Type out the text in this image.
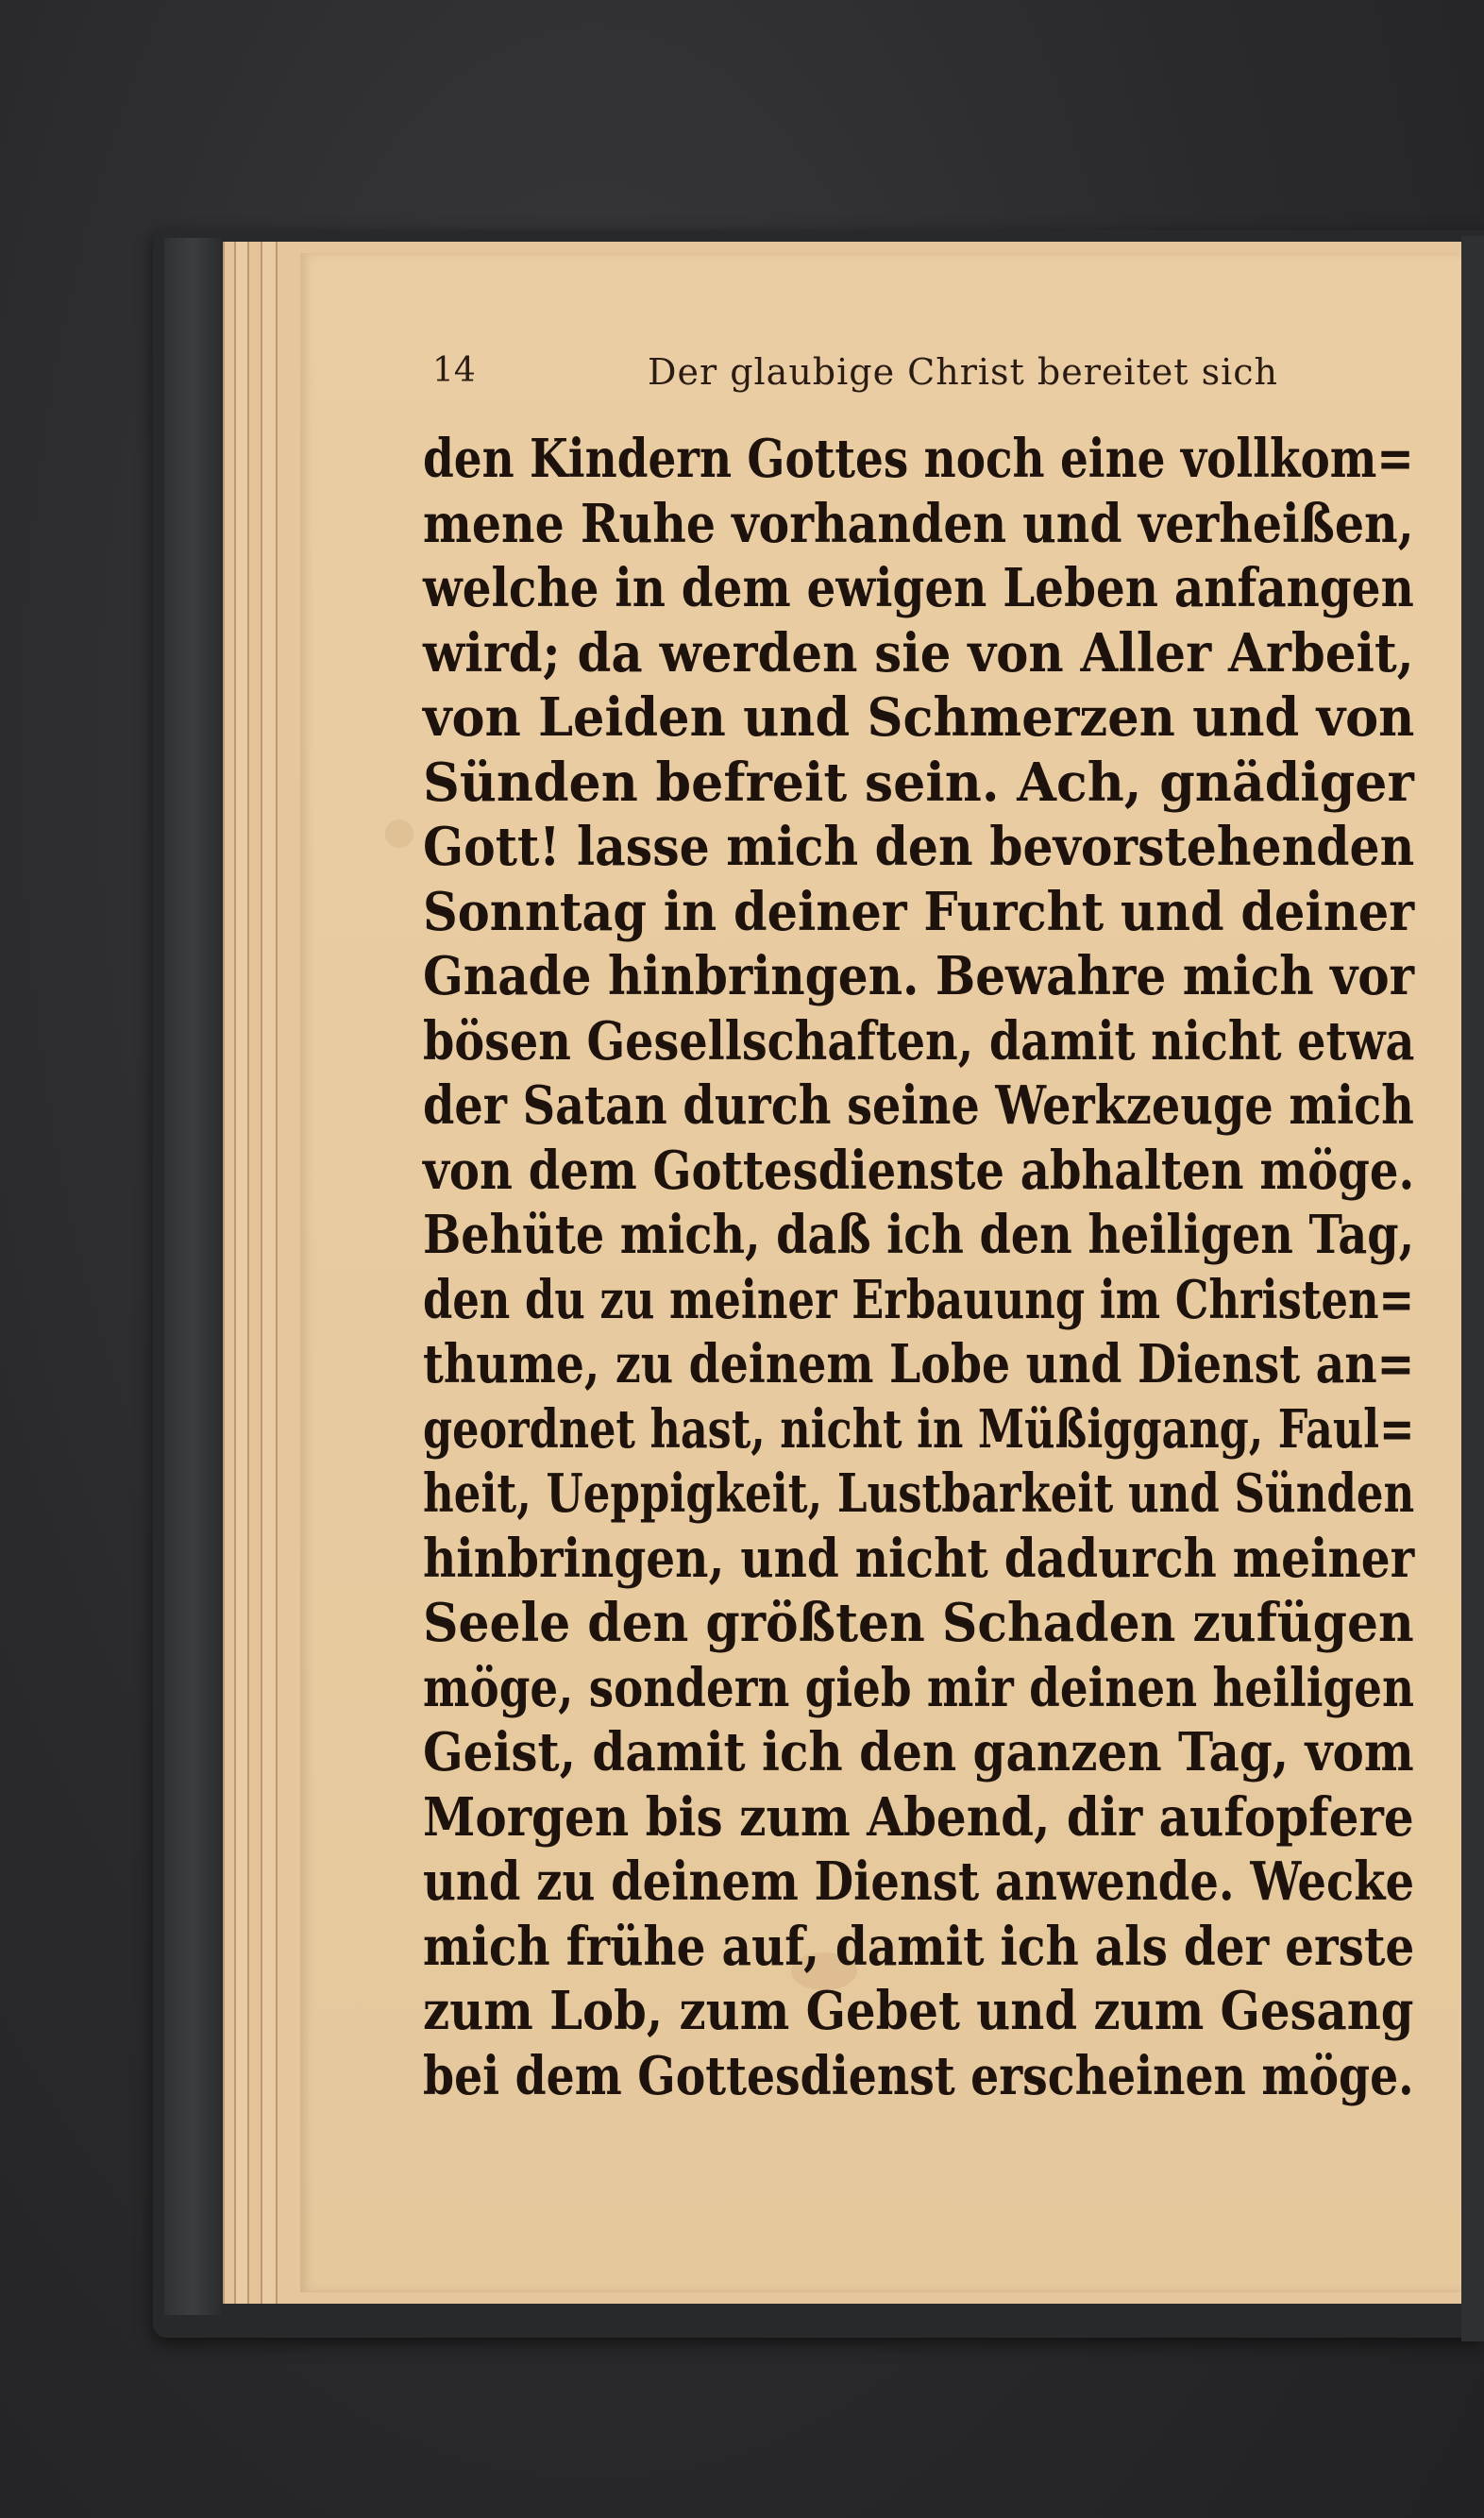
14	Der glaubige Christ bereitet sich
den Kindern Gottes noch eine vollkom=
mene Ruhe vorhanden und verheißen,
welche in dem ewigen Leben anfangen
wird; da werden sie von Aller Arbeit,
von Leiden und Schmerzen und von
Sünden befreit sein. Ach, gnädiger
Gott! lasse mich den bevorstehenden
Sonntag in deiner Furcht und deiner
Gnade hinbringen. Bewahre mich vor
bösen Gesellschaften, damit nicht etwa
der Satan durch seine Werkzeuge mich
von dem Gottesdienste abhalten möge.
Behüte mich, daß ich den heiligen Tag,
den du zu meiner Erbauung im Christen=
thume, zu deinem Lobe und Dienst an=
geordnet hast, nicht in Müßiggang, Faul=
heit, Ueppigkeit, Lustbarkeit und Sünden
hinbringen, und nicht dadurch meiner
Seele den größten Schaden zufügen
möge, sondern gieb mir deinen heiligen
Geist, damit ich den ganzen Tag, vom
Morgen bis zum Abend, dir aufopfere
und zu deinem Dienst anwende. Wecke
mich frühe auf, damit ich als der erste
zum Lob, zum Gebet und zum Gesang
bei dem Gottesdienst erscheinen möge.
